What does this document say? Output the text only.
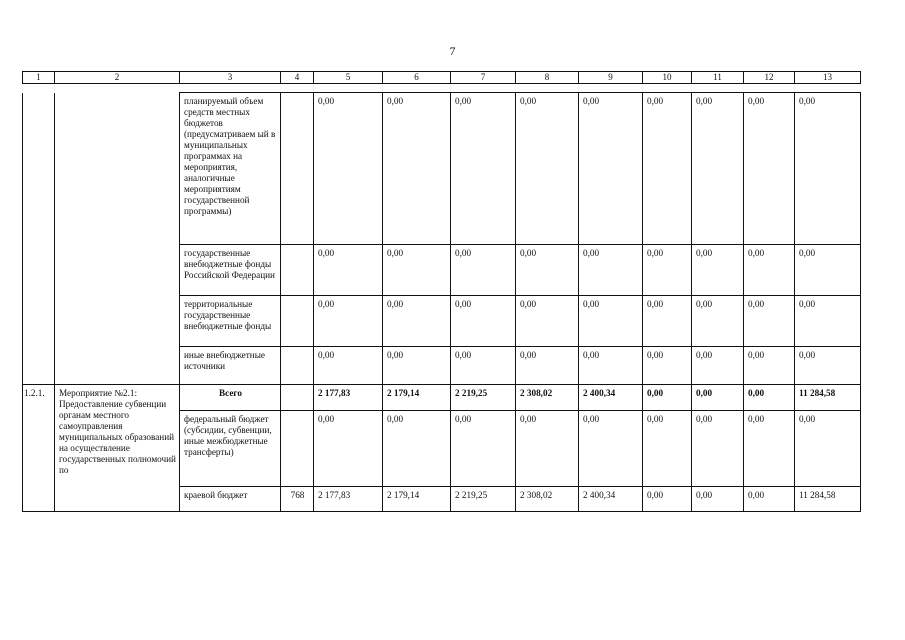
7
1	2	3	4	5	6	7	8	9	10	11	12	13
		планируемый объем средств местных бюджетов (предусматриваем ый в муниципальных программах на мероприятия, аналогичные мероприятиям государственной программы)		0,00	0,00	0,00	0,00	0,00	0,00	0,00	0,00	0,00
		государственные внебюджетные фонды Российской Федерации		0,00	0,00	0,00	0,00	0,00	0,00	0,00	0,00	0,00
		территориальные государственные внебюджетные фонды		0,00	0,00	0,00	0,00	0,00	0,00	0,00	0,00	0,00
		иные внебюджетные источники		0,00	0,00	0,00	0,00	0,00	0,00	0,00	0,00	0,00
1.2.1.	Мероприятие №2.1: Предоставление субвенции органам местного самоуправления муниципальных образований на осуществление государственных полномочий по	Всего		2 177,83	2 179,14	2 219,25	2 308,02	2 400,34	0,00	0,00	0,00	11 284,58
		федеральный бюджет (субсидии, субвенции, иные межбюджетные трансферты)		0,00	0,00	0,00	0,00	0,00	0,00	0,00	0,00	0,00
		краевой бюджет	768	2 177,83	2 179,14	2 219,25	2 308,02	2 400,34	0,00	0,00	0,00	11 284,58
